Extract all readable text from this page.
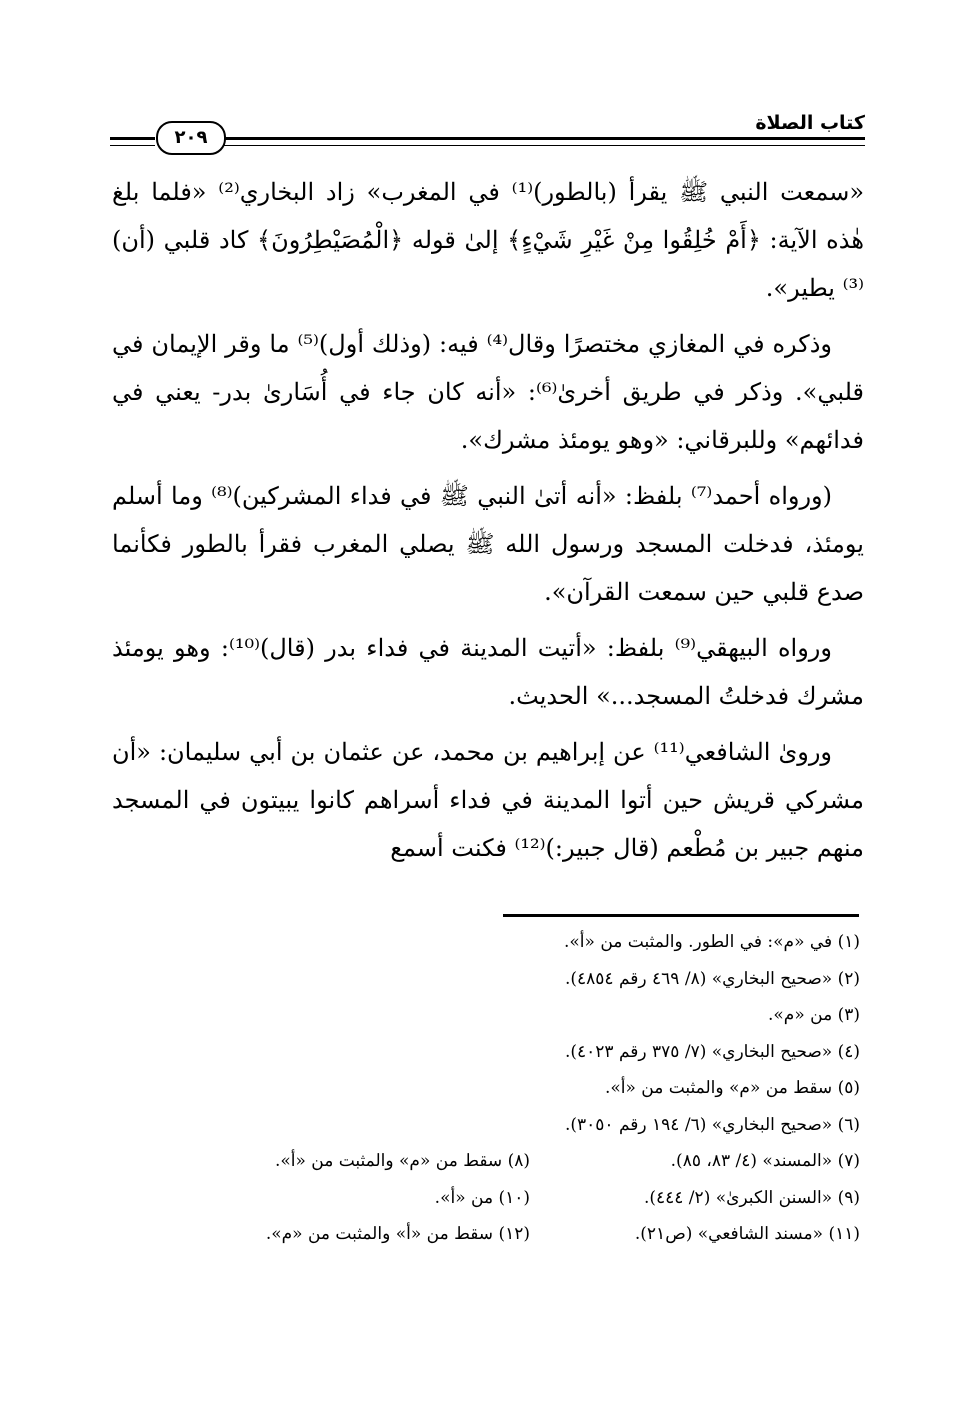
كتاب الصلاة
٢٠٩

«سمعت النبي ﷺ يقرأ (بالطور)⁽¹⁾ في المغرب» زاد البخاري⁽²⁾ «فلما بلغ هٰذه الآية: ﴿أَمْ خُلِقُوا مِنْ غَيْرِ شَيْءٍ﴾ إلىٰ قوله ﴿الْمُصَيْطِرُونَ﴾ كاد قلبي (أن)⁽³⁾ يطير».

وذكره في المغازي مختصرًا وقال⁽⁴⁾ فيه: (وذلك أول)⁽⁵⁾ ما وقر الإيمان في قلبي». وذكر في طريق أخرىٰ⁽⁶⁾: «أنه كان جاء في أُسَارىٰ بدر- يعني في فدائهم» وللبرقاني: «وهو يومئذ مشرك».

(ورواه أحمد⁽⁷⁾ بلفظ: «أنه أتىٰ النبي ﷺ في فداء المشركين)⁽⁸⁾ وما أسلم يومئذ، فدخلت المسجد ورسول الله ﷺ يصلي المغرب فقرأ بالطور فكأنما صدع قلبي حين سمعت القرآن».

ورواه البيهقي⁽⁹⁾ بلفظ: «أتيت المدينة في فداء بدر (قال)⁽¹⁰⁾: وهو يومئذ مشرك فدخلتُ المسجد...» الحديث.

ورویٰ الشافعي⁽¹¹⁾ عن إبراهيم بن محمد، عن عثمان بن أبي سليمان: «أن مشركي قريش حين أتوا المدينة في فداء أسراهم كانوا يبيتون في المسجد منهم جبير بن مُطْعم (قال جبير:)⁽¹²⁾ فكنت أسمع

(١) في «م»: في الطور. والمثبت من «أ».
(٢) «صحيح البخاري» (٨/ ٤٦٩ رقم ٤٨٥٤).
(٣) من «م».
(٤) «صحيح البخاري» (٧/ ٣٧٥ رقم ٤٠٢٣).
(٥) سقط من «م» والمثبت من «أ».
(٦) «صحيح البخاري» (٦/ ١٩٤ رقم ٣٠٥٠).
(٧) «المسند» (٤/ ٨٣، ٨٥).
(٨) سقط من «م» والمثبت من «أ».
(٩) «السنن الكبرىٰ» (٢/ ٤٤٤).
(١٠) من «أ».
(١١) «مسند الشافعي» (ص٢١).
(١٢) سقط من «أ» والمثبت من «م».
